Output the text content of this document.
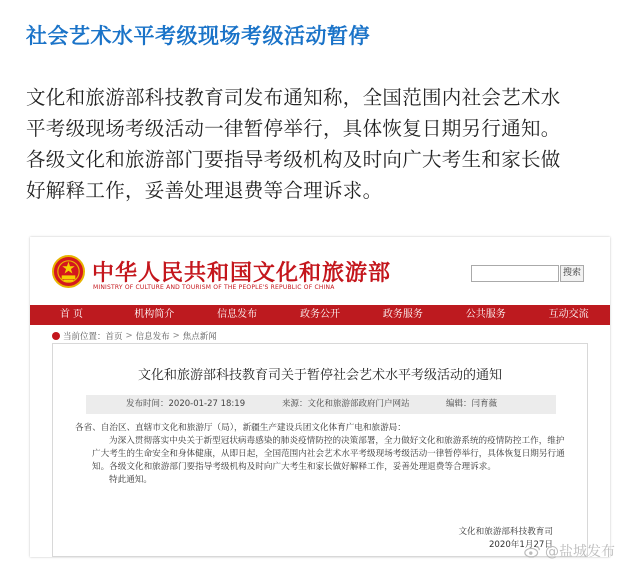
社会艺术水平考级现场考级活动暂停
文化和旅游部科技教育司发布通知称，全国范围内社会艺术水
平考级现场考级活动一律暂停举行，具体恢复日期另行通知。
各级文化和旅游部门要指导考级机构及时向广大考生和家长做
好解释工作，妥善处理退费等合理诉求。
中华人民共和国文化和旅游部
MINISTRY OF CULTURE AND TOURISM OF THE PEOPLE'S REPUBLIC OF CHINA
搜索
首 页	机构简介	信息发布	政务公开	政务服务	公共服务	互动交流
当前位置： 首页 > 信息发布 > 焦点新闻
文化和旅游部科技教育司关于暂停社会艺术水平考级活动的通知
发布时间：2020-01-27 18:19	来源：文化和旅游部政府门户网站	编辑：闫育薇

各省、自治区、直辖市文化和旅游厅（局），新疆生产建设兵团文化体育广电和旅游局：

为深入贯彻落实中央关于新型冠状病毒感染的肺炎疫情防控的决策部署，全力做好文化和旅游系统的疫情防控工作，维护广大考生的生命安全和身体健康，从即日起，全国范围内社会艺术水平考级现场考级活动一律暂停举行，具体恢复日期另行通知。各级文化和旅游部门要指导考级机构及时向广大考生和家长做好解释工作，妥善处理退费等合理诉求。

特此通知。

文化和旅游部科技教育司
2020年1月27日
@盐城发布
